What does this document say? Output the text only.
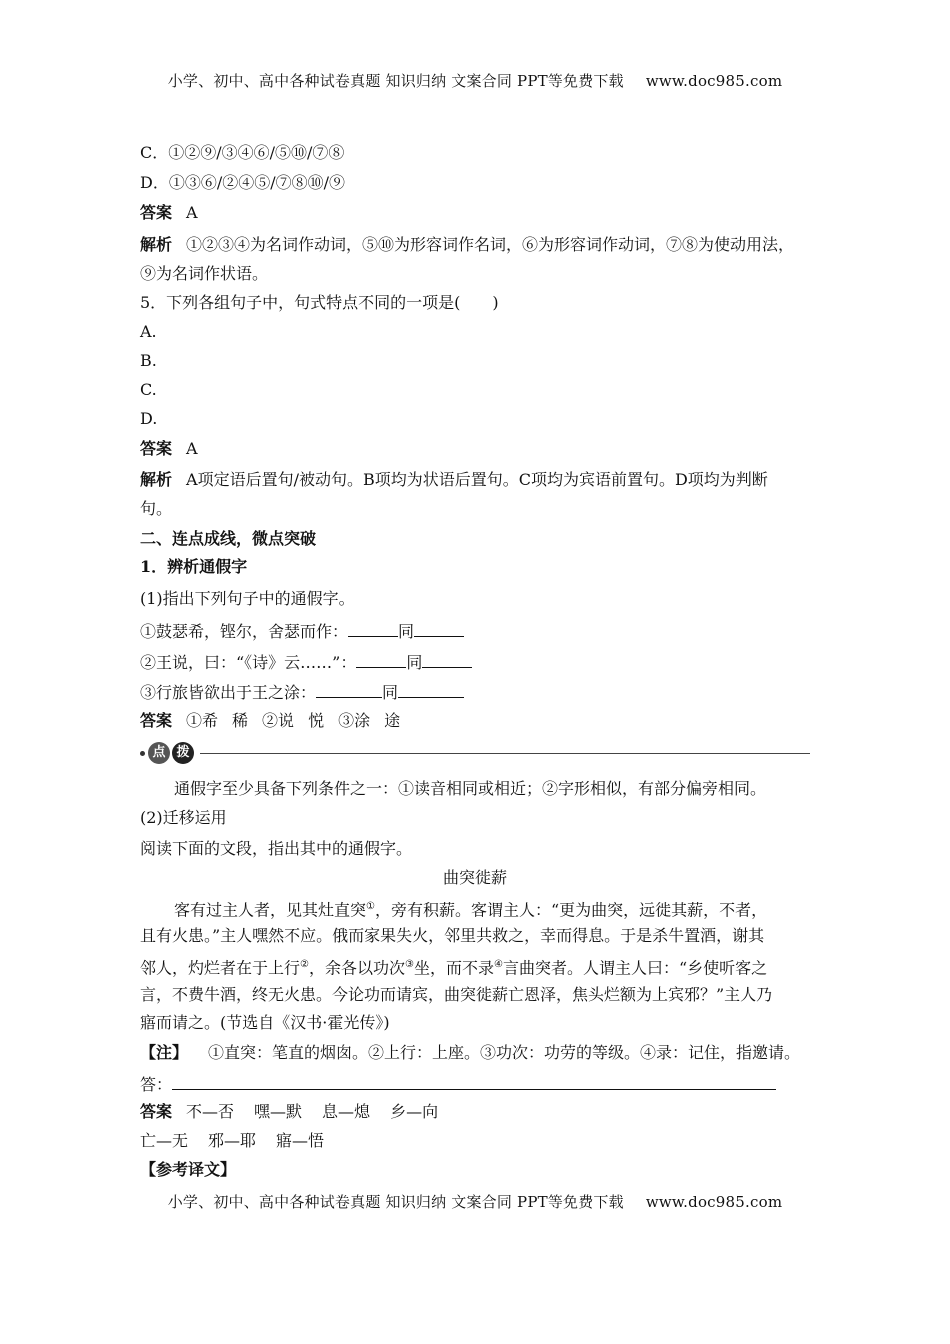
小学、初中、高中各种试卷真题 知识归纳 文案合同 PPT等免费下载 www.doc985.com
C．①②⑨/③④⑥/⑤⑩/⑦⑧
D．①③⑥/②④⑤/⑦⑧⑩/⑨
答案 A
解析 ①②③④为名词作动词，⑤⑩为形容词作名词，⑥为形容词作动词，⑦⑧为使动用法，
⑨为名词作状语。
5．下列各组句子中，句式特点不同的一项是(　　)
A.
B.
C.
D.
答案 A
解析 A项定语后置句/被动句。B项均为状语后置句。C项均为宾语前置句。D项均为判断
句。
二、连点成线，微点突破
1．辨析通假字
(1)指出下列句子中的通假字。
①鼓瑟希，铿尔，舍瑟而作：	同
②王说，曰：“《诗》云……”：	同
③行旅皆欲出于王之涂：	同
答案 ①希 稀 ②说 悦 ③涂 途
点 拨
通假字至少具备下列条件之一：①读音相同或相近；②字形相似，有部分偏旁相同。
(2)迁移运用
阅读下面的文段，指出其中的通假字。
曲突徙薪
客有过主人者，见其灶直突①，旁有积薪。客谓主人：“更为曲突，远徙其薪，不者，
且有火患。”主人嘿然不应。俄而家果失火，邻里共救之，幸而得息。于是杀牛置酒，谢其
邻人，灼烂者在于上行②，余各以功次③坐，而不录④言曲突者。人谓主人曰：“乡使听客之
言，不费牛酒，终无火患。今论功而请宾，曲突徙薪亡恩泽，焦头烂额为上宾邪？”主人乃
寤而请之。(节选自《汉书·霍光传》)
【注】 ①直突：笔直的烟囱。②上行：上座。③功次：功劳的等级。④录：记住，指邀请。
答：
答案 不—否 嘿—默 息—熄 乡—向
亡—无 邪—耶 寤—悟
【参考译文】
小学、初中、高中各种试卷真题 知识归纳 文案合同 PPT等免费下载 www.doc985.com
